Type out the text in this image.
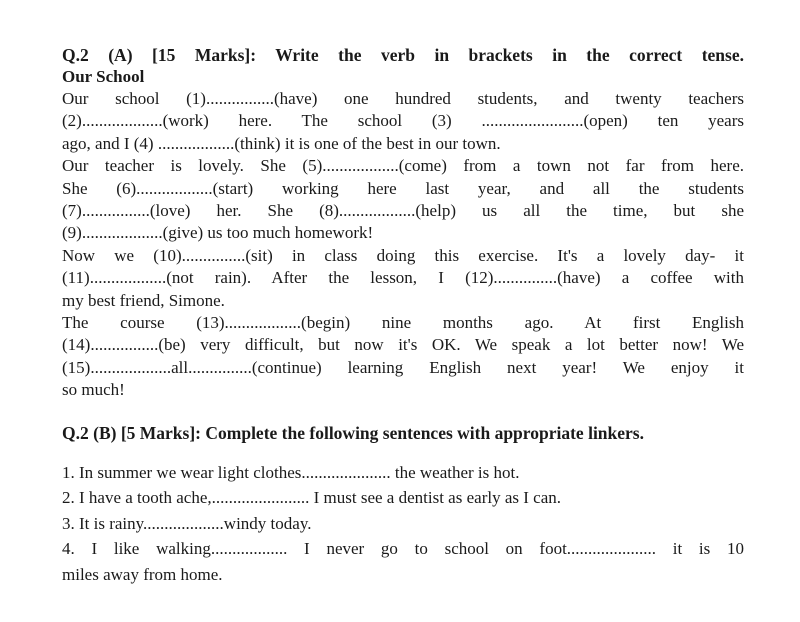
Q.2 (A) [15 Marks]: Write the verb in brackets in the correct tense.

Our School

Our school (1)................(have) one hundred students, and twenty teachers

(2)...................(work) here. The school (3) ........................(open) ten years

ago, and I (4) ..................(think) it is one of the best in our town.

Our teacher is lovely. She (5)..................(come) from a town not far from here.

She (6)..................(start) working here last year, and all the students

(7)................(love) her. She (8)..................(help) us all the time, but she

(9)...................(give) us too much homework!

Now we (10)...............(sit) in class doing this exercise. It's a lovely day- it

(11)..................(not rain). After the lesson, I (12)...............(have) a coffee with

my best friend, Simone.

The course (13)..................(begin) nine months ago. At first English

(14)................(be) very difficult, but now it's OK. We speak a lot better now! We

(15)...................all...............(continue) learning English next year! We enjoy it

so much!

Q.2 (B) [5 Marks]: Complete the following sentences with appropriate linkers.

1. In summer we wear light clothes..................... the weather is hot.

2. I have a tooth ache,....................... I must see a dentist as early as I can.

3. It is rainy...................windy today.

4. I like walking.................. I never go to school on foot..................... it is 10

miles away from home.
